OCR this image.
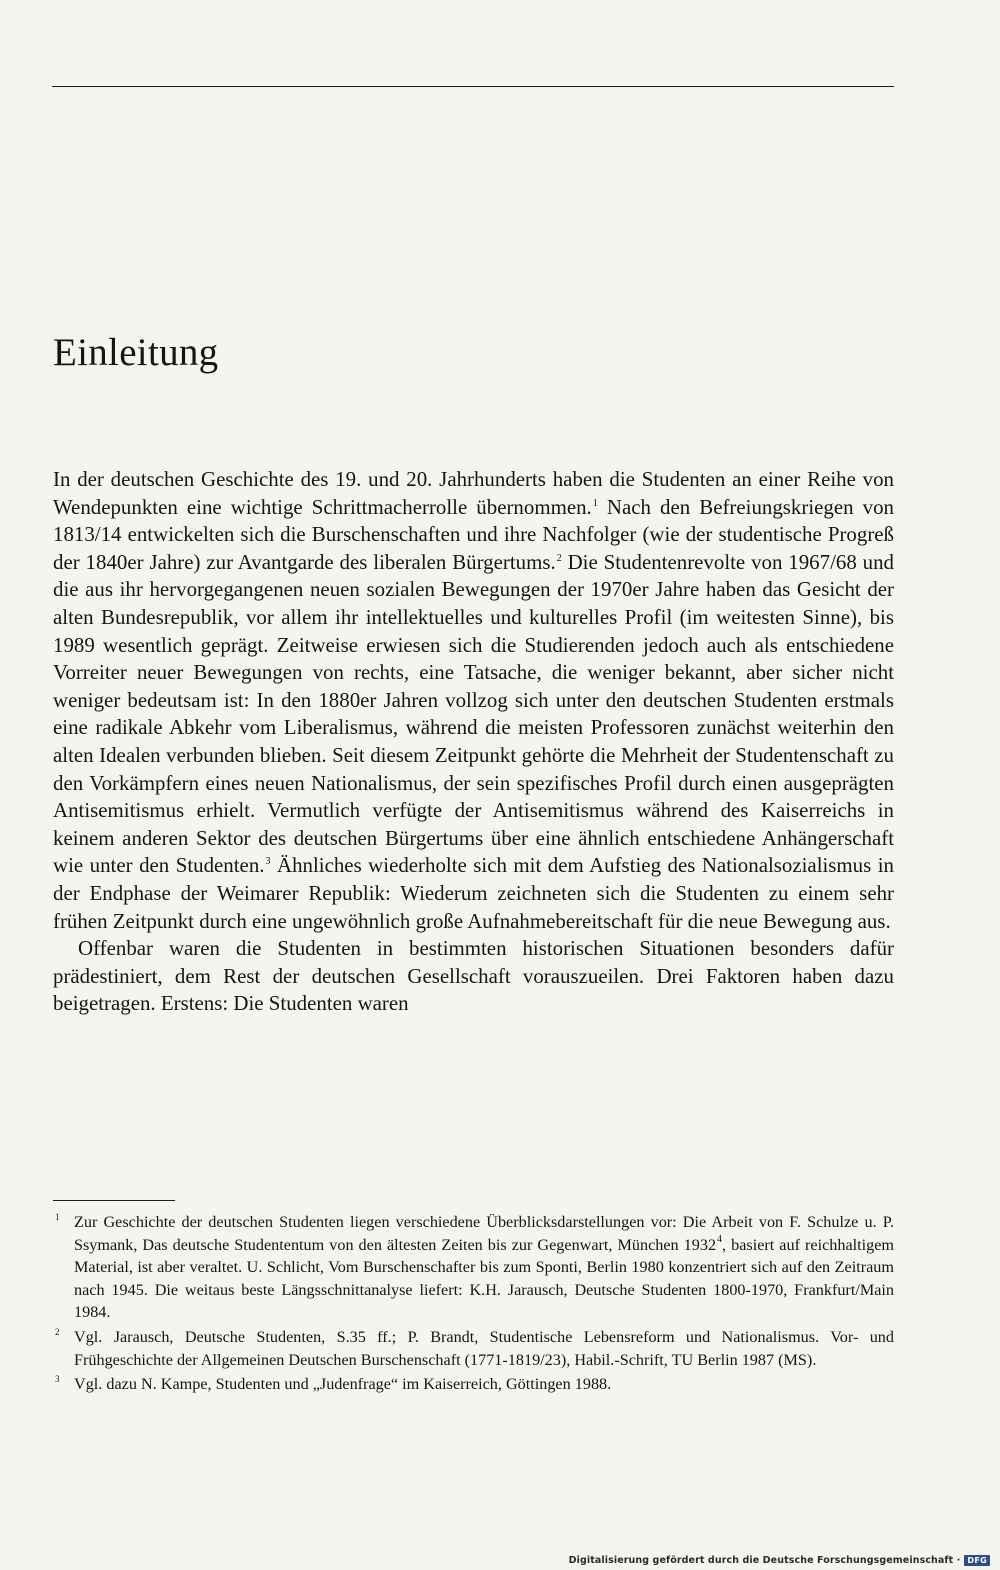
Einleitung

In der deutschen Geschichte des 19. und 20. Jahrhunderts haben die Studenten an einer Reihe von Wendepunkten eine wichtige Schrittmacherrolle übernommen.$^1$ Nach den Befreiungskriegen von 1813/14 entwickelten sich die Burschenschaften und ihre Nachfolger (wie der studentische Progreß der 1840er Jahre) zur Avantgarde des liberalen Bürgertums.$^2$ Die Studentenrevolte von 1967/68 und die aus ihr hervorgegangenen neuen sozialen Bewegungen der 1970er Jahre haben das Gesicht der alten Bundesrepublik, vor allem ihr intellektuelles und kulturelles Profil (im weitesten Sinne), bis 1989 wesentlich geprägt. Zeitweise erwiesen sich die Studierenden jedoch auch als entschiedene Vorreiter neuer Bewegungen von rechts, eine Tatsache, die weniger bekannt, aber sicher nicht weniger bedeutsam ist: In den 1880er Jahren vollzog sich unter den deutschen Studenten erstmals eine radikale Abkehr vom Liberalismus, während die meisten Professoren zunächst weiterhin den alten Idealen verbunden blieben. Seit diesem Zeitpunkt gehörte die Mehrheit der Studentenschaft zu den Vorkämpfern eines neuen Nationalismus, der sein spezifisches Profil durch einen ausgeprägten Antisemitismus erhielt. Vermutlich verfügte der Antisemitismus während des Kaiserreichs in keinem anderen Sektor des deutschen Bürgertums über eine ähnlich entschiedene Anhängerschaft wie unter den Studenten.$^3$ Ähnliches wiederholte sich mit dem Aufstieg des Nationalsozialismus in der Endphase der Weimarer Republik: Wiederum zeichneten sich die Studenten zu einem sehr frühen Zeitpunkt durch eine ungewöhnlich große Aufnahmebereitschaft für die neue Bewegung aus.

Offenbar waren die Studenten in bestimmten historischen Situationen besonders dafür prädestiniert, dem Rest der deutschen Gesellschaft vorauszueilen. Drei Faktoren haben dazu beigetragen. Erstens: Die Studenten waren

1 Zur Geschichte der deutschen Studenten liegen verschiedene Überblicksdarstellungen vor: Die Arbeit von F. Schulze u. P. Ssymank, Das deutsche Studententum von den ältesten Zeiten bis zur Gegenwart, München 1932$^4$, basiert auf reichhaltigem Material, ist aber veraltet. U. Schlicht, Vom Burschenschafter bis zum Sponti, Berlin 1980 konzentriert sich auf den Zeitraum nach 1945. Die weitaus beste Längsschnittanalyse liefert: K.H. Jarausch, Deutsche Studenten 1800-1970, Frankfurt/Main 1984.
2 Vgl. Jarausch, Deutsche Studenten, S.35 ff.; P. Brandt, Studentische Lebensreform und Nationalismus. Vor- und Frühgeschichte der Allgemeinen Deutschen Burschenschaft (1771-1819/23), Habil.-Schrift, TU Berlin 1987 (MS).
3 Vgl. dazu N. Kampe, Studenten und „Judenfrage“ im Kaiserreich, Göttingen 1988.
Digitalisierung gefördert durch die Deutsche Forschungsgemeinschaft · DFG
